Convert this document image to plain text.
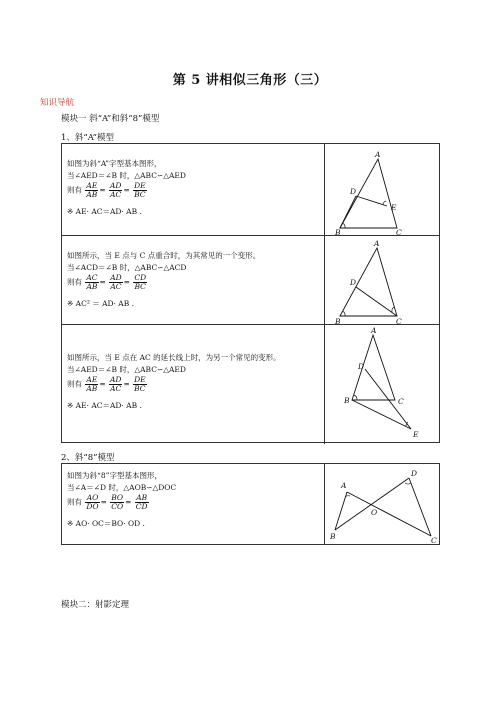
第 5 讲相似三角形（三）
知识导航
模块一 斜“A”和斜“8”模型
1、斜“A”模型
如图为斜“A”字型基本图形，
当∠AED＝∠B 时，△ABC∽△AED
则有 $\frac{AE}{AB} = \frac{AD}{AC} = \frac{DE}{BC}$
※ AE· AC＝AD· AB .
A
D
E
B	C
如图所示，当 E 点与 C 点重合时，为其常见的一个变形。
当∠ACD＝∠B 时，△ABC∽△ACD
则有 $\frac{AC}{AB} = \frac{AD}{AC} = \frac{CD}{BC}$
※ AC² ＝ AD· AB .
A
D
B	C
如图所示，当 E 点在 AC 的延长线上时，为另一个常见的变形。
当∠AED＝∠B 时，△ABC∽△AED
则有 $\frac{AE}{AB} = \frac{AD}{AC} = \frac{DE}{BC}$
※ AE· AC＝AD· AB .
A
D
B	C
E
2、斜“8”模型
如图为斜“8”字型基本图形，
当∠A＝∠D 时，△AOB∽△DOC
则有 $\frac{AO}{DO} = \frac{BO}{CO} = \frac{AB}{CD}$
※ AO· OC＝BO· OD .
A
D
O
B	C
模块二：射影定理
